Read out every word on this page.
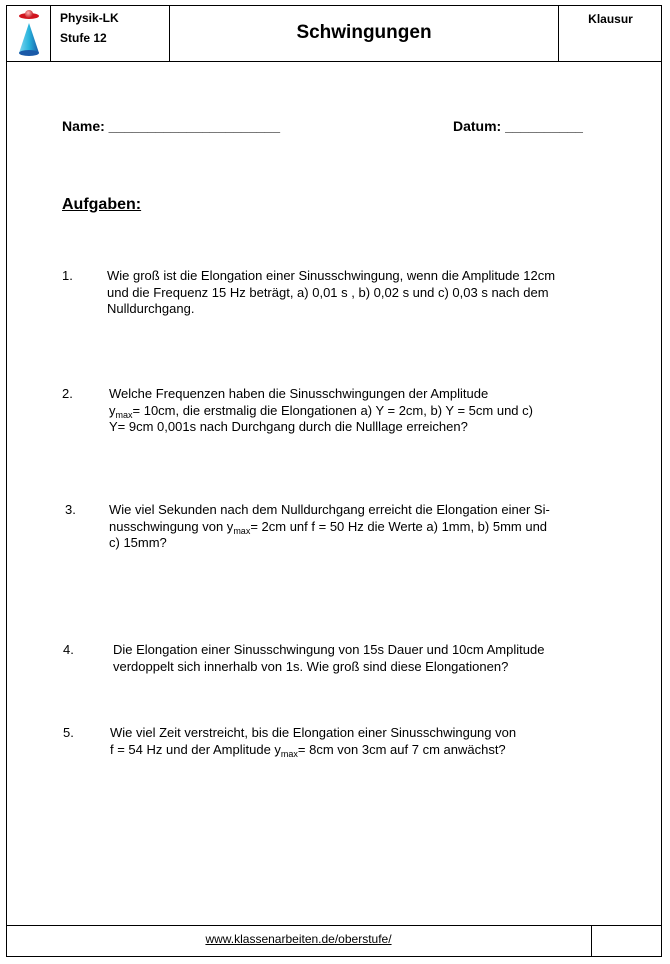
Physik-LK
Stufe 12	Schwingungen
Klausur
Name: ______________________	Datum: __________
Aufgaben:
1.	Wie groß ist die Elongation einer Sinusschwingung, wenn die Amplitude 12cm
und die Frequenz 15 Hz beträgt, a) 0,01 s , b) 0,02 s und c) 0,03 s nach dem
Nulldurchgang.
2.	Welche Frequenzen haben die Sinusschwingungen der Amplitude
$y_{max}= 10cm$, die erstmalig die Elongationen a) Y = 2cm, b) Y = 5cm und c)
Y= 9cm 0,001s nach Durchgang durch die Nulllage erreichen?
3.	Wie viel Sekunden nach dem Nulldurchgang erreicht die Elongation einer Si-
nusschwingung von $y_{max}= 2cm$ unf f = 50 Hz die Werte a) 1mm, b) 5mm und
c) 15mm?
4.	Die Elongation einer Sinusschwingung von 15s Dauer und 10cm Amplitude
verdoppelt sich innerhalb von 1s. Wie groß sind diese Elongationen?
5.	Wie viel Zeit verstreicht, bis die Elongation einer Sinusschwingung von
f = 54 Hz und der Amplitude $y_{max}= 8cm$ von 3cm auf 7 cm anwächst?
www.klassenarbeiten.de/oberstufe/
